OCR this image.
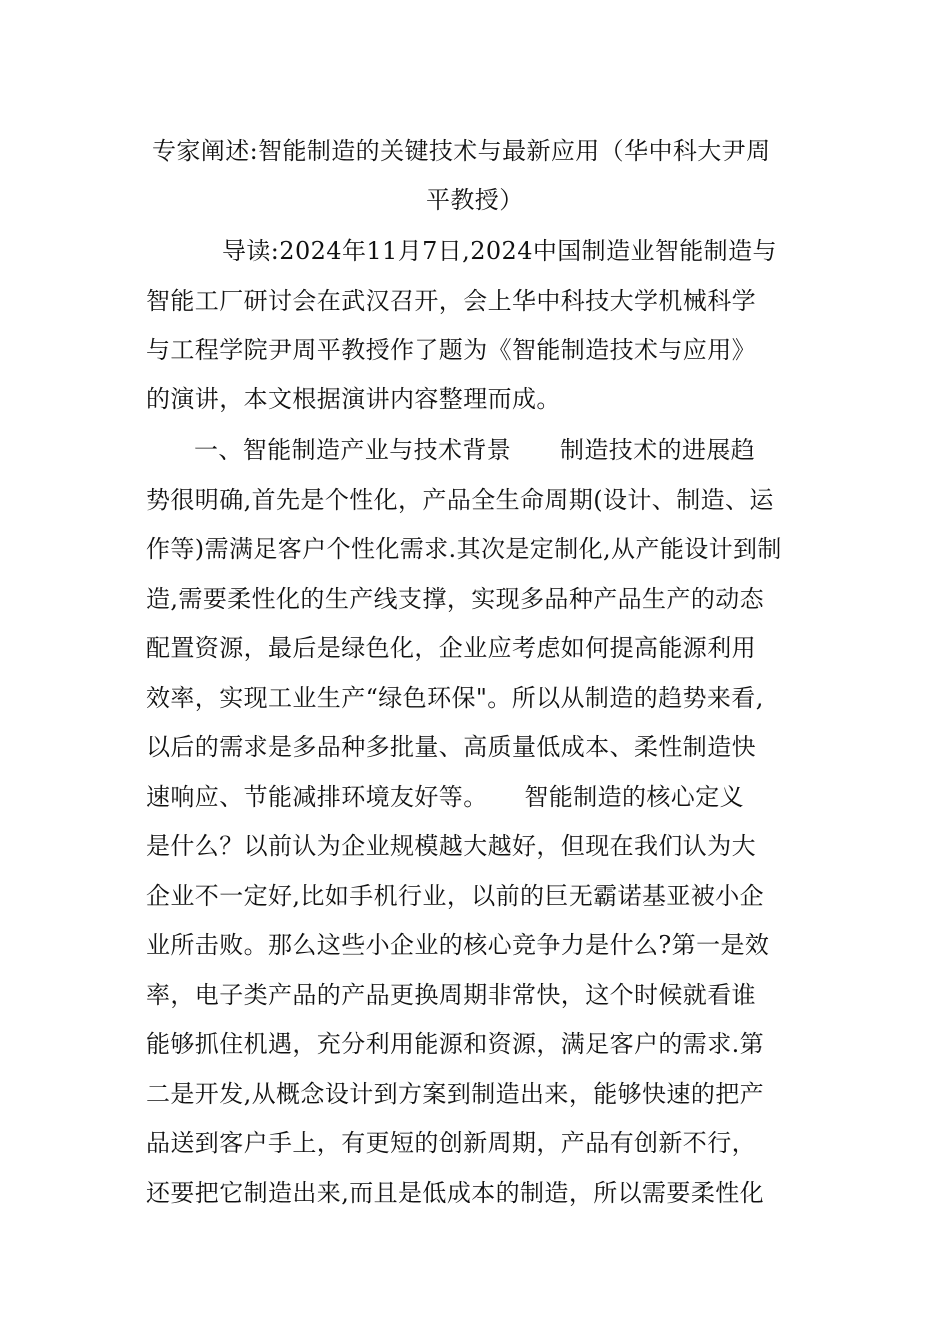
专家阐述:智能制造的关键技术与最新应用（华中科大尹周
平教授）
导读:2024年11月7日,2024中国制造业智能制造与
智能工厂研讨会在武汉召开，会上华中科技大学机械科学
与工程学院尹周平教授作了题为《智能制造技术与应用》
的演讲，本文根据演讲内容整理而成。
一、智能制造产业与技术背景　　制造技术的进展趋
势很明确,首先是个性化，产品全生命周期(设计、制造、运
作等)需满足客户个性化需求.其次是定制化,从产能设计到制
造,需要柔性化的生产线支撑，实现多品种产品生产的动态
配置资源，最后是绿色化，企业应考虑如何提高能源利用
效率，实现工业生产“绿色环保"。所以从制造的趋势来看,
以后的需求是多品种多批量、高质量低成本、柔性制造快
速响应、节能减排环境友好等。　　智能制造的核心定义
是什么？以前认为企业规模越大越好，但现在我们认为大
企业不一定好,比如手机行业，以前的巨无霸诺基亚被小企
业所击败。那么这些小企业的核心竞争力是什么?第一是效
率，电子类产品的产品更换周期非常快，这个时候就看谁
能够抓住机遇，充分利用能源和资源，满足客户的需求.第
二是开发,从概念设计到方案到制造出来，能够快速的把产
品送到客户手上，有更短的创新周期，产品有创新不行，
还要把它制造出来,而且是低成本的制造，所以需要柔性化
